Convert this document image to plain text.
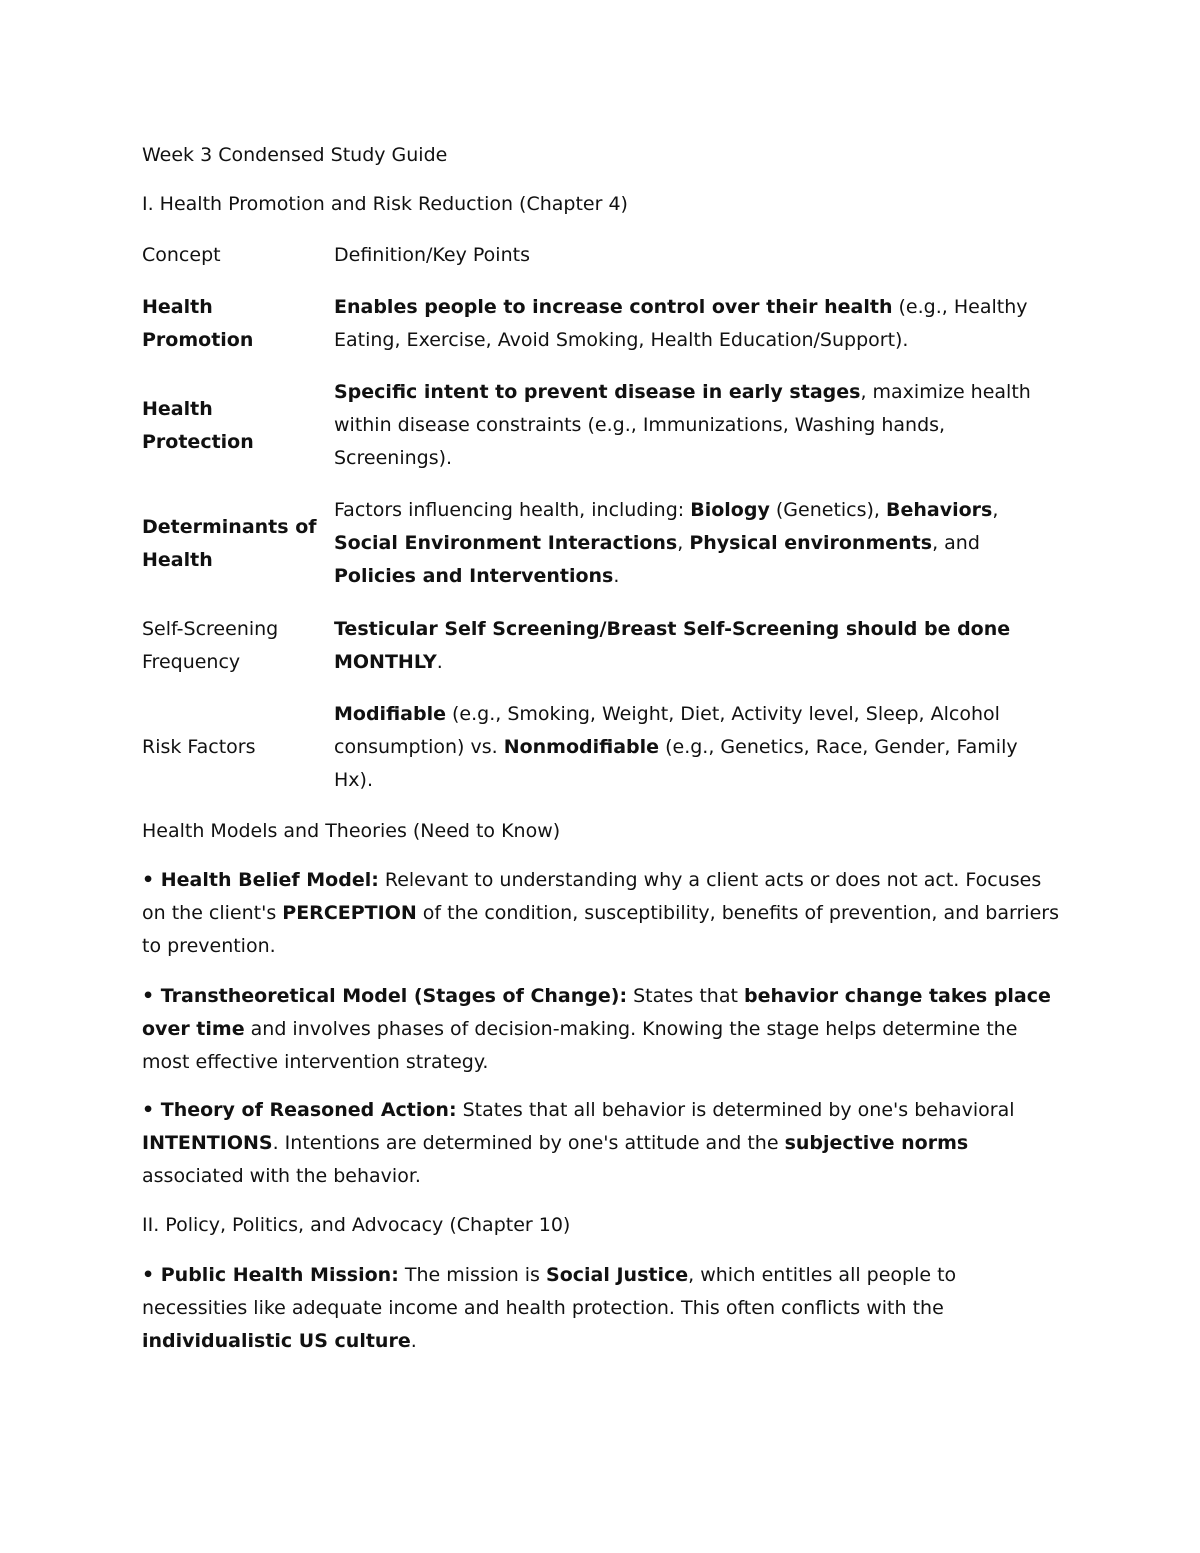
Week 3 Condensed Study Guide
I. Health Promotion and Risk Reduction (Chapter 4)
Concept	Definition/Key Points
Health
Promotion
Enables people to increase control over their health (e.g., Healthy Eating, Exercise, Avoid Smoking, Health Education/Support).
Health
Protection
Specific intent to prevent disease in early stages, maximize health within disease constraints (e.g., Immunizations, Washing hands, Screenings).
Determinants of
Health
Factors influencing health, including: Biology (Genetics), Behaviors, Social Environment Interactions, Physical environments, and Policies and Interventions.
Self-Screening
Frequency
Testicular Self Screening/Breast Self-Screening should be done MONTHLY.
Risk Factors
Modifiable (e.g., Smoking, Weight, Diet, Activity level, Sleep, Alcohol consumption) vs. Nonmodifiable (e.g., Genetics, Race, Gender, Family Hx).
Health Models and Theories (Need to Know)
• Health Belief Model: Relevant to understanding why a client acts or does not act. Focuses on the client's PERCEPTION of the condition, susceptibility, benefits of prevention, and barriers to prevention.
• Transtheoretical Model (Stages of Change): States that behavior change takes place over time and involves phases of decision-making. Knowing the stage helps determine the most effective intervention strategy.
• Theory of Reasoned Action: States that all behavior is determined by one's behavioral INTENTIONS. Intentions are determined by one's attitude and the subjective norms associated with the behavior.
II. Policy, Politics, and Advocacy (Chapter 10)
• Public Health Mission: The mission is Social Justice, which entitles all people to necessities like adequate income and health protection. This often conflicts with the individualistic US culture.
